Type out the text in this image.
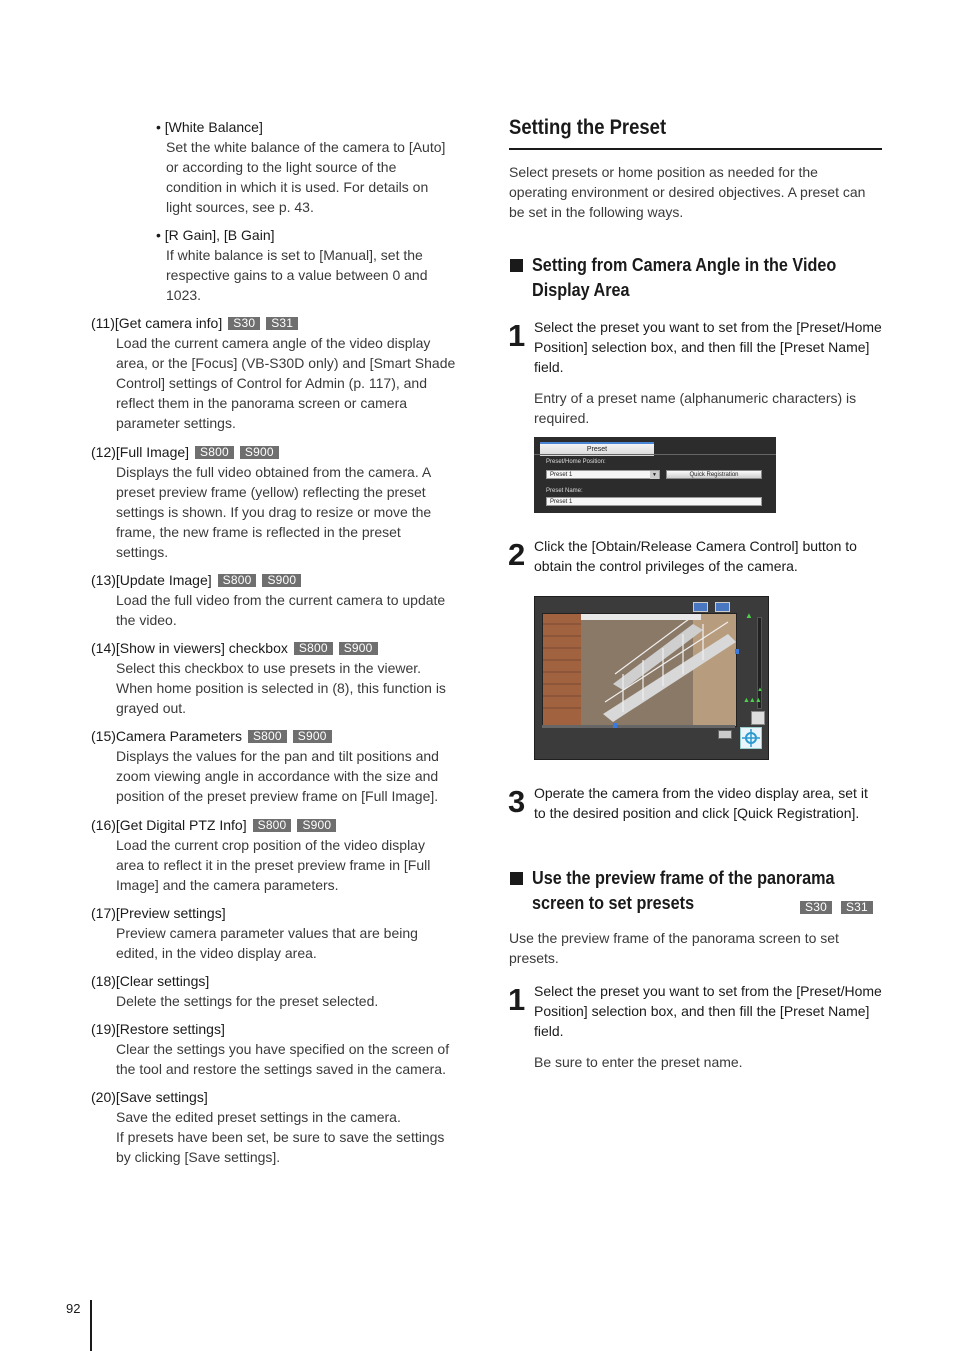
• [White Balance]
Set the white balance of the camera to [Auto]
or according to the light source of the
condition in which it is used. For details on
light sources, see p. 43.
• [R Gain], [B Gain]
If white balance is set to [Manual], set the
respective gains to a value between 0 and
1023.
(11)[Get camera info] S30 S31
Load the current camera angle of the video display
area, or the [Focus] (VB-S30D only) and [Smart Shade
Control] settings of Control for Admin (p. 117), and
reflect them in the panorama screen or camera
parameter settings.
(12)[Full Image] S800 S900
Displays the full video obtained from the camera. A
preset preview frame (yellow) reflecting the preset
settings is shown. If you drag to resize or move the
frame, the new frame is reflected in the preset
settings.
(13)[Update Image] S800 S900
Load the full video from the current camera to update
the video.
(14)[Show in viewers] checkbox S800 S900
Select this checkbox to use presets in the viewer.
When home position is selected in (8), this function is
grayed out.
(15)Camera Parameters S800 S900
Displays the values for the pan and tilt positions and
zoom viewing angle in accordance with the size and
position of the preset preview frame on [Full Image].
(16)[Get Digital PTZ Info] S800 S900
Load the current crop position of the video display
area to reflect it in the preset preview frame in [Full
Image] and the camera parameters.
(17)[Preview settings]
Preview camera parameter values that are being
edited, in the video display area.
(18)[Clear settings]
Delete the settings for the preset selected.
(19)[Restore settings]
Clear the settings you have specified on the screen of
the tool and restore the settings saved in the camera.
(20)[Save settings]
Save the edited preset settings in the camera.
If presets have been set, be sure to save the settings
by clicking [Save settings].
Setting the Preset
Select presets or home position as needed for the
operating environment or desired objectives. A preset can
be set in the following ways.
Setting from Camera Angle in the Video
Display Area
1 Select the preset you want to set from the [Preset/Home
Position] selection box, and then fill the [Preset Name]
field.
Entry of a preset name (alphanumeric characters) is
required.
Preset
Preset/Home Position:
Preset 1	▼	Quick Registration
Preset Name:
Preset 1
2 Click the [Obtain/Release Camera Control] button to
obtain the control privileges of the camera.
▲
▲
▲▲▲
3 Operate the camera from the video display area, set it
to the desired position and click [Quick Registration].
Use the preview frame of the panorama
screen to set presets	S30 S31
Use the preview frame of the panorama screen to set
presets.
1 Select the preset you want to set from the [Preset/Home
Position] selection box, and then fill the [Preset Name]
field.
Be sure to enter the preset name.
92
